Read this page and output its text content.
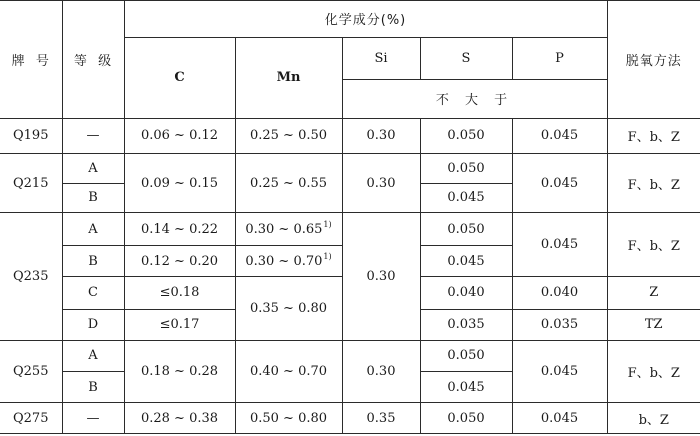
牌  号	等  级	化学成分(%)					脱氧方法
		C	Mn	Si	S	P	
				不 大 于			
Q195	—	0.06 ~ 0.12	0.25 ~ 0.50	0.30	0.050	0.045	F、b、Z
Q215	A	0.09 ~ 0.15	0.25 ~ 0.55	0.30	0.050	0.045	F、b、Z
	B				0.045		
Q235	A	0.14 ~ 0.22	0.30 ~ 0.65$^{1)}$	0.30	0.050	0.045	F、b、Z
	B	0.12 ~ 0.20	0.30 ~ 0.70$^{1)}$		0.045		
	C	≤0.18	0.35 ~ 0.80		0.040	0.040	Z
	D	≤0.17			0.035	0.035	TZ
Q255	A	0.18 ~ 0.28	0.40 ~ 0.70	0.30	0.050	0.045	F、b、Z
	B				0.045		
Q275	—	0.28 ~ 0.38	0.50 ~ 0.80	0.35	0.050	0.045	b、Z
